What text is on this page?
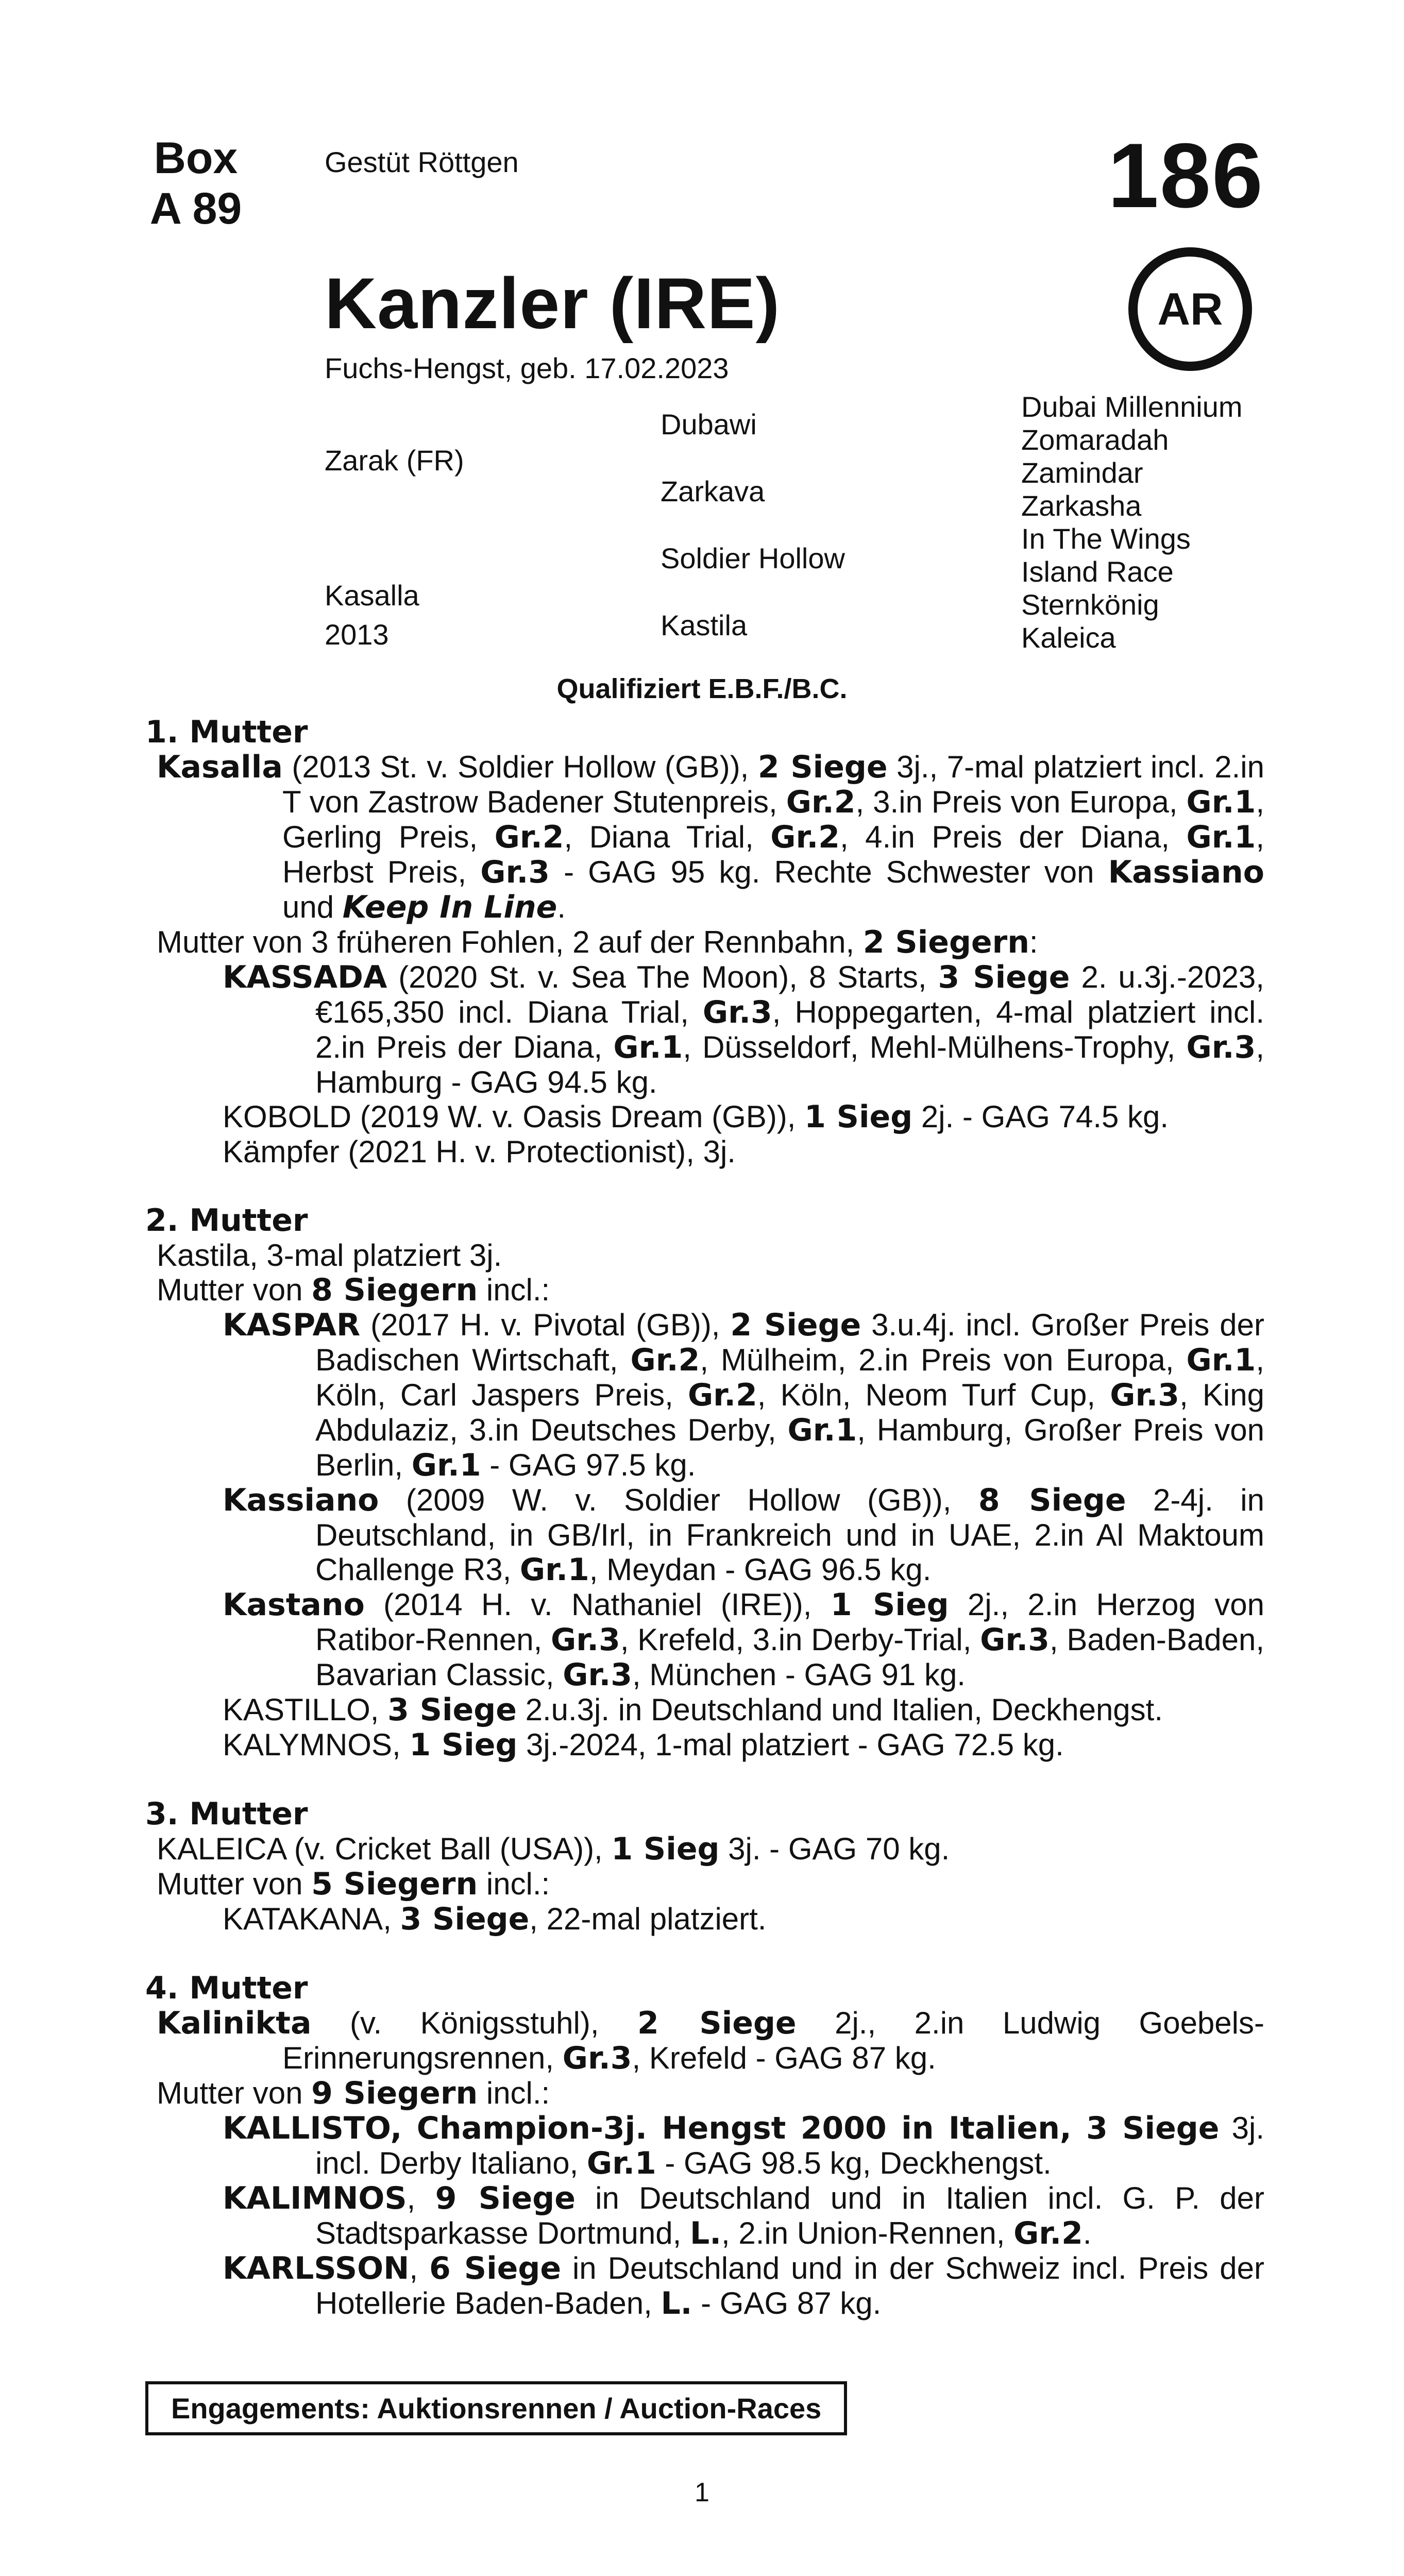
Box
A 89
Gestüt Röttgen	186
AR
Kanzler (IRE)
Fuchs-Hengst, geb. 17.02.2023
Zarak (FR)
Kasalla
2013
Dubawi
Zarkava
Soldier Hollow
Kastila
Dubai Millennium
Zomaradah
Zamindar
Zarkasha
In The Wings
Island Race
Sternkönig
Kaleica
Qualifiziert E.B.F./B.C.
1. Mutter

Kasalla (2013 St. v. Soldier Hollow (GB)), 2 Siege 3j., 7-mal platziert incl. 2.in T von Zastrow Badener Stutenpreis, Gr.2, 3.in Preis von Europa, Gr.1, Gerling Preis, Gr.2, Diana Trial, Gr.2, 4.in Preis der Diana, Gr.1, Herbst Preis, Gr.3 - GAG 95 kg. Rechte Schwester von Kassiano und Keep In Line.

Mutter von 3 früheren Fohlen, 2 auf der Rennbahn, 2 Siegern:

KASSADA (2020 St. v. Sea The Moon), 8 Starts, 3 Siege 2. u.3j.-2023, €165,350 incl. Diana Trial, Gr.3, Hoppegarten, 4-mal platziert incl. 2.in Preis der Diana, Gr.1, Düsseldorf, Mehl-Mülhens-Trophy, Gr.3, Hamburg - GAG 94.5 kg.

KOBOLD (2019 W. v. Oasis Dream (GB)), 1 Sieg 2j. - GAG 74.5 kg.

Kämpfer (2021 H. v. Protectionist), 3j.

2. Mutter

Kastila, 3-mal platziert 3j.

Mutter von 8 Siegern incl.:

KASPAR (2017 H. v. Pivotal (GB)), 2 Siege 3.u.4j. incl. Großer Preis der Badischen Wirtschaft, Gr.2, Mülheim, 2.in Preis von Europa, Gr.1, Köln, Carl Jaspers Preis, Gr.2, Köln, Neom Turf Cup, Gr.3, King Abdulaziz, 3.in Deutsches Derby, Gr.1, Hamburg, Großer Preis von Berlin, Gr.1 - GAG 97.5 kg.

Kassiano (2009 W. v. Soldier Hollow (GB)), 8 Siege 2-4j. in Deutschland, in GB/Irl, in Frankreich und in UAE, 2.in Al Maktoum Challenge R3, Gr.1, Meydan - GAG 96.5 kg.

Kastano (2014 H. v. Nathaniel (IRE)), 1 Sieg 2j., 2.in Herzog von Ratibor-Rennen, Gr.3, Krefeld, 3.in Derby-Trial, Gr.3, Baden-Baden, Bavarian Classic, Gr.3, München - GAG 91 kg.

KASTILLO, 3 Siege 2.u.3j. in Deutschland und Italien, Deckhengst.

KALYMNOS, 1 Sieg 3j.-2024, 1-mal platziert - GAG 72.5 kg.

3. Mutter

KALEICA (v. Cricket Ball (USA)), 1 Sieg 3j. - GAG 70 kg.

Mutter von 5 Siegern incl.:

KATAKANA, 3 Siege, 22-mal platziert.

4. Mutter

Kalinikta (v. Königsstuhl), 2 Siege 2j., 2.in Ludwig Goebels-Erinnerungsrennen, Gr.3, Krefeld - GAG 87 kg.

Mutter von 9 Siegern incl.:

KALLISTO, Champion-3j. Hengst 2000 in Italien, 3 Siege 3j. incl. Derby Italiano, Gr.1 - GAG 98.5 kg, Deckhengst.

KALIMNOS, 9 Siege in Deutschland und in Italien incl. G. P. der Stadtsparkasse Dortmund, L., 2.in Union-Rennen, Gr.2.

KARLSSON, 6 Siege in Deutschland und in der Schweiz incl. Preis der Hotellerie Baden-Baden, L. - GAG 87 kg.

Engagements: Auktionsrennen / Auction-Races
1
